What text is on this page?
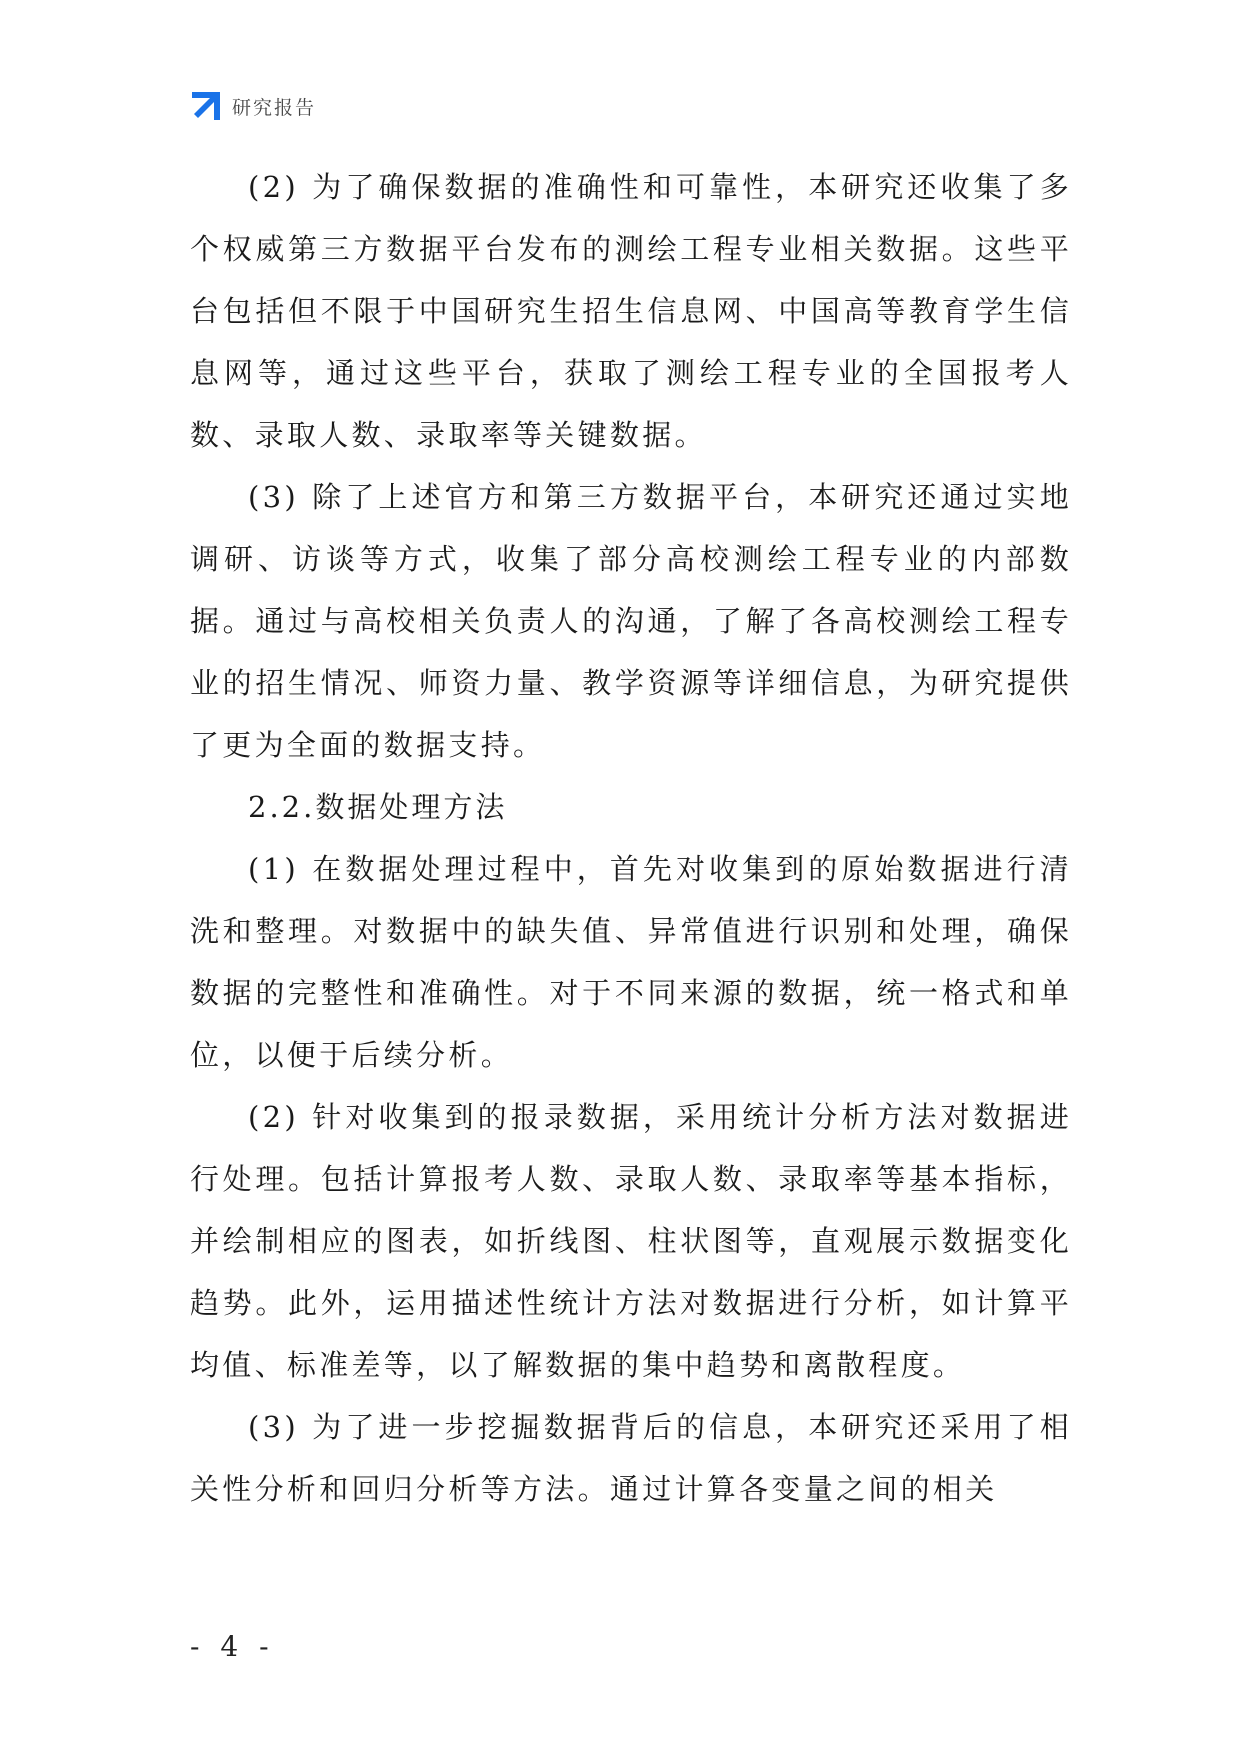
研究报告

(2) 为了确保数据的准确性和可靠性，本研究还收集了多个权威第三方数据平台发布的测绘工程专业相关数据。这些平台包括但不限于中国研究生招生信息网、中国高等教育学生信息网等，通过这些平台，获取了测绘工程专业的全国报考人数、录取人数、录取率等关键数据。

(3) 除了上述官方和第三方数据平台，本研究还通过实地调研、访谈等方式，收集了部分高校测绘工程专业的内部数据。通过与高校相关负责人的沟通，了解了各高校测绘工程专业的招生情况、师资力量、教学资源等详细信息，为研究提供了更为全面的数据支持。

2.2.数据处理方法

(1) 在数据处理过程中，首先对收集到的原始数据进行清洗和整理。对数据中的缺失值、异常值进行识别和处理，确保数据的完整性和准确性。对于不同来源的数据，统一格式和单位，以便于后续分析。

(2) 针对收集到的报录数据，采用统计分析方法对数据进行处理。包括计算报考人数、录取人数、录取率等基本指标，并绘制相应的图表，如折线图、柱状图等，直观展示数据变化趋势。此外，运用描述性统计方法对数据进行分析，如计算平均值、标准差等，以了解数据的集中趋势和离散程度。

(3) 为了进一步挖掘数据背后的信息，本研究还采用了相关性分析和回归分析等方法。通过计算各变量之间的相关

- 4 -
